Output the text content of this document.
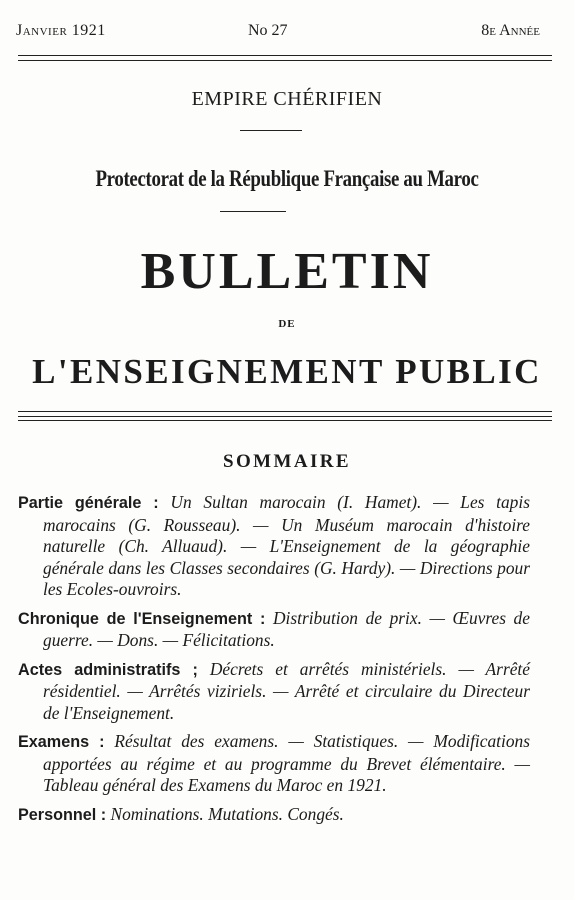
Janvier 1921	No 27	8e Année
EMPIRE CHÉRIFIEN
Protectorat de la République Française au Maroc
BULLETIN
DE
L'ENSEIGNEMENT PUBLIC
SOMMAIRE
Partie générale : Un Sultan marocain (I. Hamet). — Les tapis marocains (G. Rousseau). — Un Muséum marocain d'histoire naturelle (Ch. Alluaud). — L'Enseignement de la géographie générale dans les Classes secondaires (G. Hardy). — Directions pour les Ecoles-ouvroirs.
Chronique de l'Enseignement : Distribution de prix. — Œuvres de guerre. — Dons. — Félicitations.
Actes administratifs ; Décrets et arrêtés ministériels. — Arrêté résidentiel. — Arrêtés viziriels. — Arrêté et circulaire du Directeur de l'Enseignement.
Examens : Résultat des examens. — Statistiques. — Modifications apportées au régime et au programme du Brevet élémentaire. — Tableau général des Examens du Maroc en 1921.
Personnel : Nominations. Mutations. Congés.
